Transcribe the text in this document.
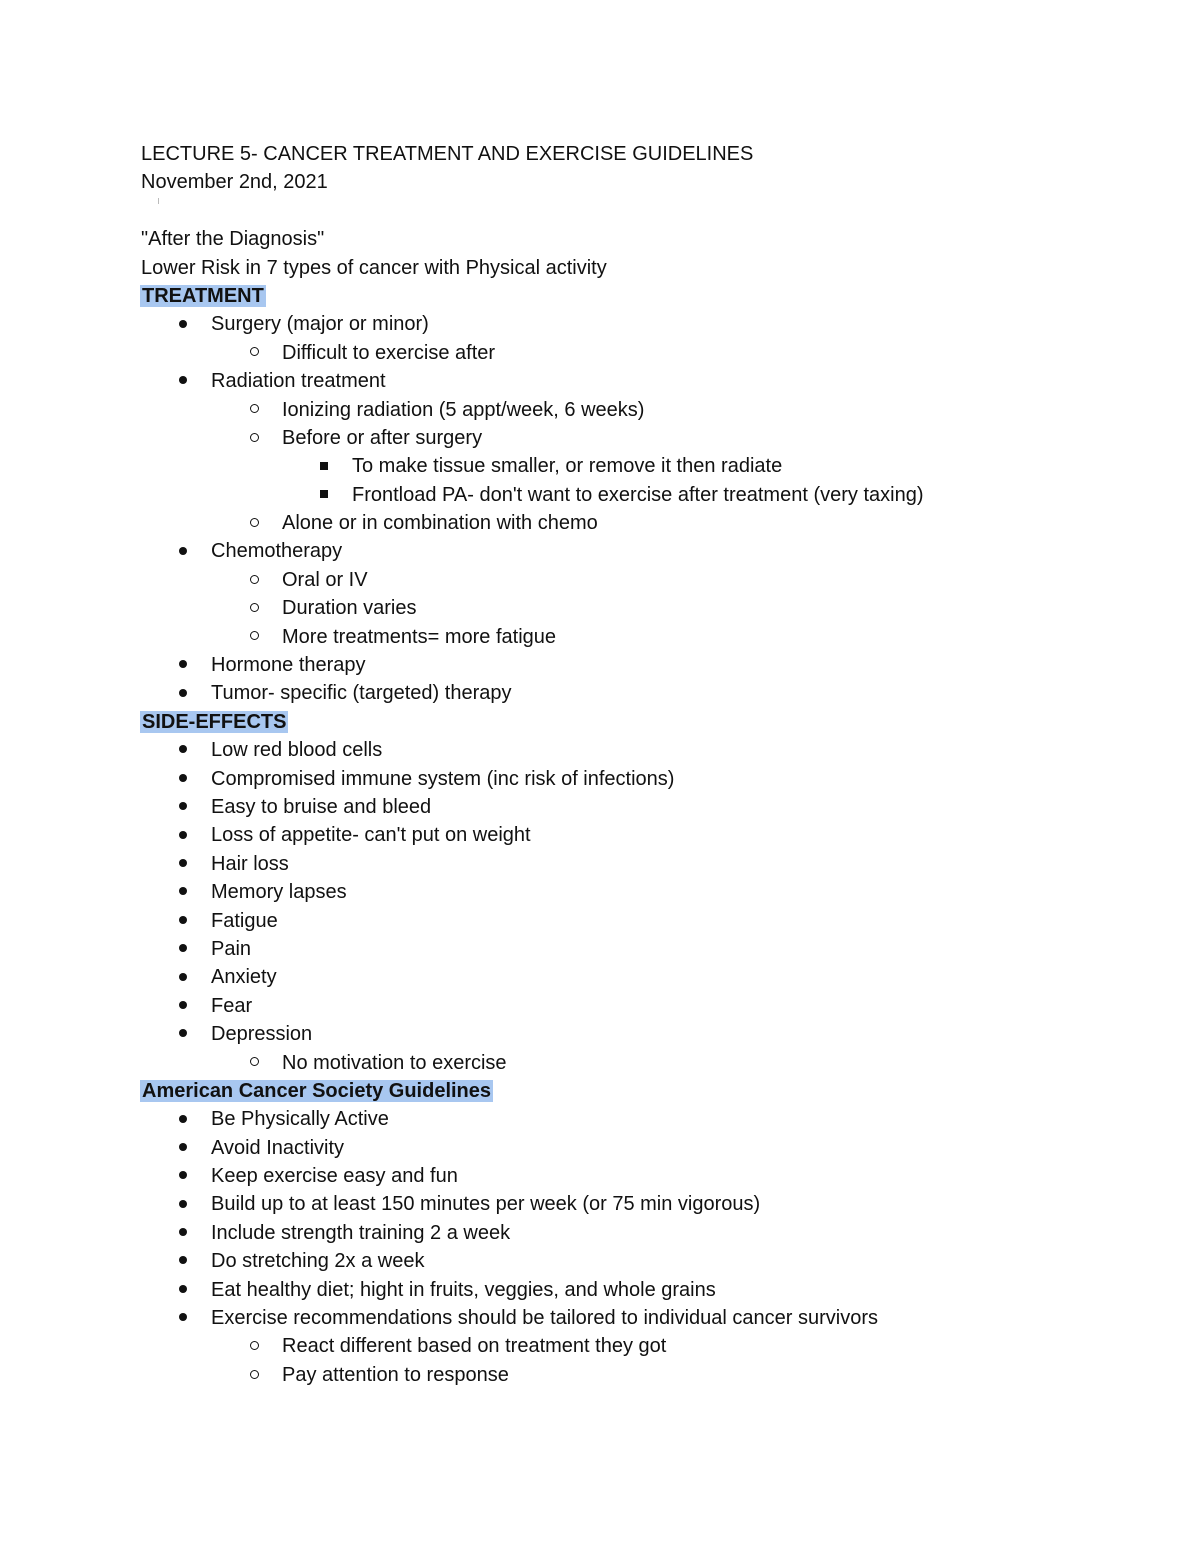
LECTURE 5- CANCER TREATMENT AND EXERCISE GUIDELINES
November 2nd, 2021
"After the Diagnosis"
Lower Risk in 7 types of cancer with Physical activity
TREATMENT
Surgery (major or minor)
Difficult to exercise after
Radiation treatment
Ionizing radiation (5 appt/week, 6 weeks)
Before or after surgery
To make tissue smaller, or remove it then radiate
Frontload PA- don't want to exercise after treatment (very taxing)
Alone or in combination with chemo
Chemotherapy
Oral or IV
Duration varies
More treatments= more fatigue
Hormone therapy
Tumor- specific (targeted) therapy
SIDE-EFFECTS
Low red blood cells
Compromised immune system (inc risk of infections)
Easy to bruise and bleed
Loss of appetite- can't put on weight
Hair loss
Memory lapses
Fatigue
Pain
Anxiety
Fear
Depression
No motivation to exercise
American Cancer Society Guidelines
Be Physically Active
Avoid Inactivity
Keep exercise easy and fun
Build up to at least 150 minutes per week (or 75 min vigorous)
Include strength training 2 a week
Do stretching 2x a week
Eat healthy diet; hight in fruits, veggies, and whole grains
Exercise recommendations should be tailored to individual cancer survivors
React different based on treatment they got
Pay attention to response
